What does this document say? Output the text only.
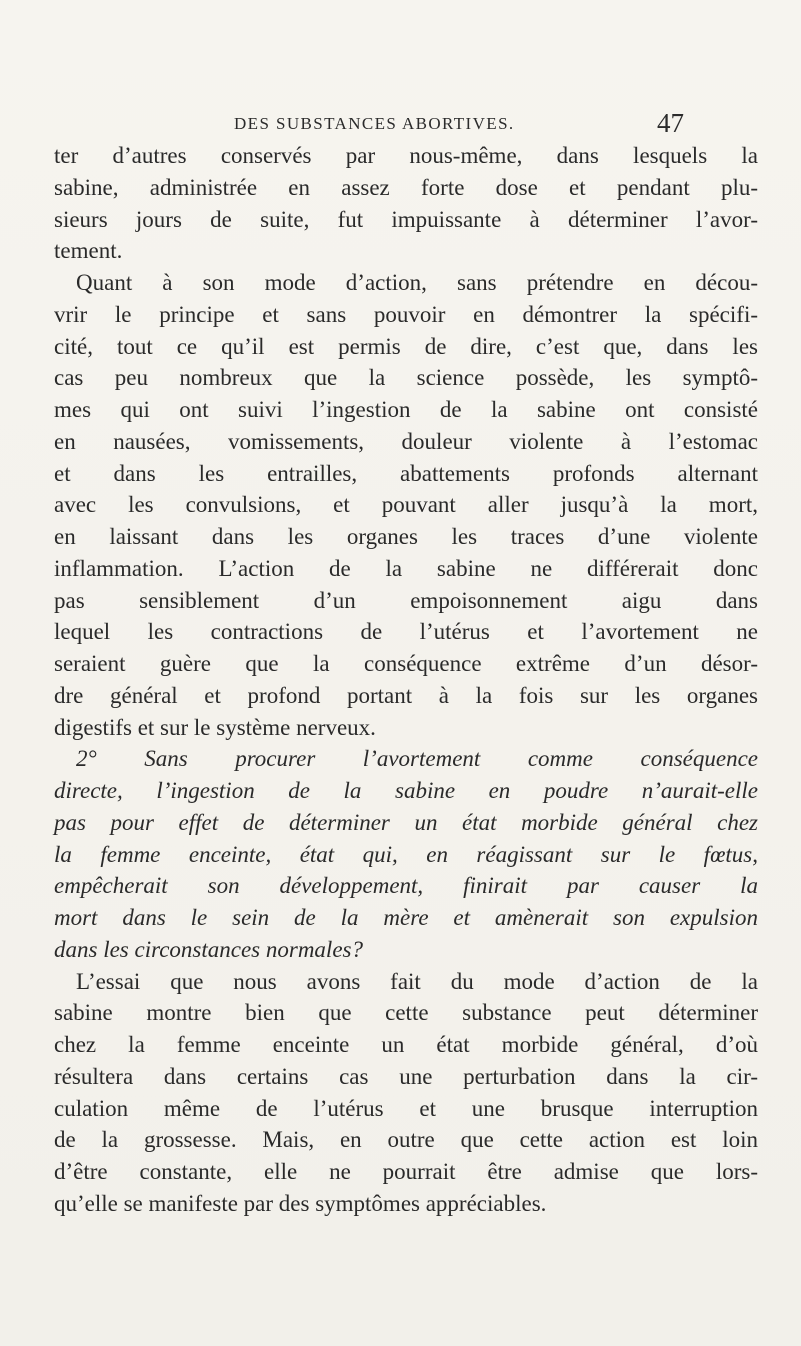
DES SUBSTANCES ABORTIVES.	47
ter d’autres conservés par nous-même, dans lesquels la
sabine, administrée en assez forte dose et pendant plu-
sieurs jours de suite, fut impuissante à déterminer l’avor-
tement.
Quant à son mode d’action, sans prétendre en décou-
vrir le principe et sans pouvoir en démontrer la spécifi-
cité, tout ce qu’il est permis de dire, c’est que, dans les
cas peu nombreux que la science possède, les symptô-
mes qui ont suivi l’ingestion de la sabine ont consisté
en nausées, vomissements, douleur violente à l’estomac
et dans les entrailles, abattements profonds alternant
avec les convulsions, et pouvant aller jusqu’à la mort,
en laissant dans les organes les traces d’une violente
inflammation. L’action de la sabine ne différerait donc
pas sensiblement d’un empoisonnement aigu dans
lequel les contractions de l’utérus et l’avortement ne
seraient guère que la conséquence extrême d’un désor-
dre général et profond portant à la fois sur les organes
digestifs et sur le système nerveux.
2° Sans procurer l’avortement comme conséquence
directe, l’ingestion de la sabine en poudre n’aurait-elle
pas pour effet de déterminer un état morbide général chez
la femme enceinte, état qui, en réagissant sur le fœtus,
empêcherait son développement, finirait par causer la
mort dans le sein de la mère et amènerait son expulsion
dans les circonstances normales?
L’essai que nous avons fait du mode d’action de la
sabine montre bien que cette substance peut déterminer
chez la femme enceinte un état morbide général, d’où
résultera dans certains cas une perturbation dans la cir-
culation même de l’utérus et une brusque interruption
de la grossesse. Mais, en outre que cette action est loin
d’être constante, elle ne pourrait être admise que lors-
qu’elle se manifeste par des symptômes appréciables.
